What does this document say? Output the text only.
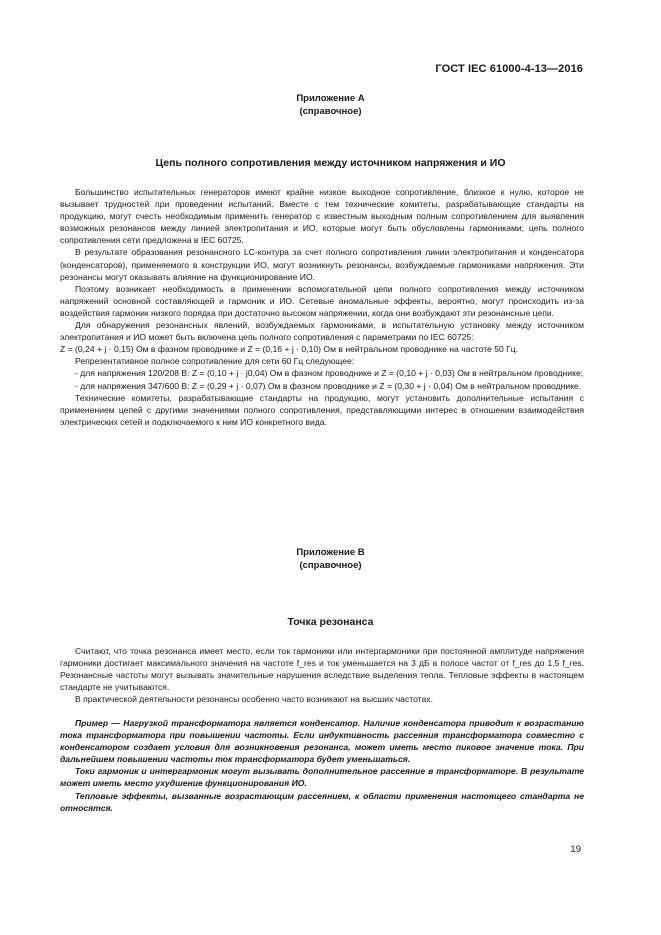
ГОСТ IEC 61000-4-13—2016
Приложение А
(справочное)
Цепь полного сопротивления между источником напряжения и ИО

Большинство испытательных генераторов имеют крайне низкое выходное сопротивление, близкое к нулю, которое не вызывает трудностей при проведении испытаний. Вместе с тем технические комитеты, разрабатывающие стандарты на продукцию, могут счесть необходимым применить генератор с известным выходным полным сопротивлением для выявления возможных резонансов между линией электропитания и ИО, которые могут быть обусловлены гармониками; цепь полного сопротивления сети предложена в IEC 60725.

В результате образования резонансного LC-контура за счет полного сопротивления линии электропитания и конденсатора (конденсаторов), применяемого в конструкции ИО, могут возникнуть резонансы, возбуждаемые гармониками напряжения. Эти резонансы могут оказывать влияние на функционирование ИО.

Поэтому возникает необходимость в применении вспомогательной цепи полного сопротивления между источником напряжений основной составляющей и гармоник и ИО. Сетевые аномальные эффекты, вероятно, могут происходить из-за воздействия гармоник низкого порядка при достаточно высоком напряжении, когда они возбуждают эти резонансные цепи.

Для обнаружения резонансных явлений, возбуждаемых гармониками, в испытательную установку между источником электропитания и ИО может быть включена цепь полного сопротивления с параметрами по IEC 60725:

Z = (0,24 + j · 0,15) Ом в фазном проводнике и Z = (0,16 + j · 0,10) Ом в нейтральном проводнике на частоте 50 Гц.

Репрезентативное полное сопротивление для сети 60 Гц следующее:

- для напряжения 120/208 В: Z = (0,10 + j · j0,04) Ом в фазном проводнике и Z = (0,10 + j · 0,03) Ом в нейтральном проводнике;

- для напряжения 347/600 В: Z = (0,29 + j · 0,07) Ом в фазном проводнике и Z = (0,30 + j · 0,04) Ом в нейтральном проводнике.

Технические комитеты, разрабатывающие стандарты на продукцию, могут установить дополнительные испытания с применением цепей с другими значениями полного сопротивления, представляющими интерес в отношении взаимодействия электрических сетей и подключаемого к ним ИО конкретного вида.

Приложение В
(справочное)
Точка резонанса

Считают, что точка резонанса имеет место, если ток гармоники или интергармоники при постоянной амплитуде напряжения гармоники достигает максимального значения на частоте f_res и ток уменьшается на 3 дБ в полосе частот от f_res до 1,5 f_res. Резонансные частоты могут вызывать значительные нарушения вследствие выделения тепла. Тепловые эффекты в настоящем стандарте не учитываются.

В практической деятельности резонансы особенно часто возникают на высших частотах.

Пример — Нагрузкой трансформатора является конденсатор. Наличие конденсатора приводит к возрастанию тока трансформатора при повышении частоты. Если индуктивность рассеяния трансформатора совместно с конденсатором создает условия для возникновения резонанса, может иметь место пиковое значение тока. При дальнейшем повышении частоты ток трансформатора будет уменьшаться.

Токи гармоник и интергармоник могут вызывать дополнительное рассеяние в трансформаторе. В результате может иметь место ухудшение функционирования ИО.

Тепловые эффекты, вызванные возрастающим рассеянием, к области применения настоящего стандарта не относятся.

19
